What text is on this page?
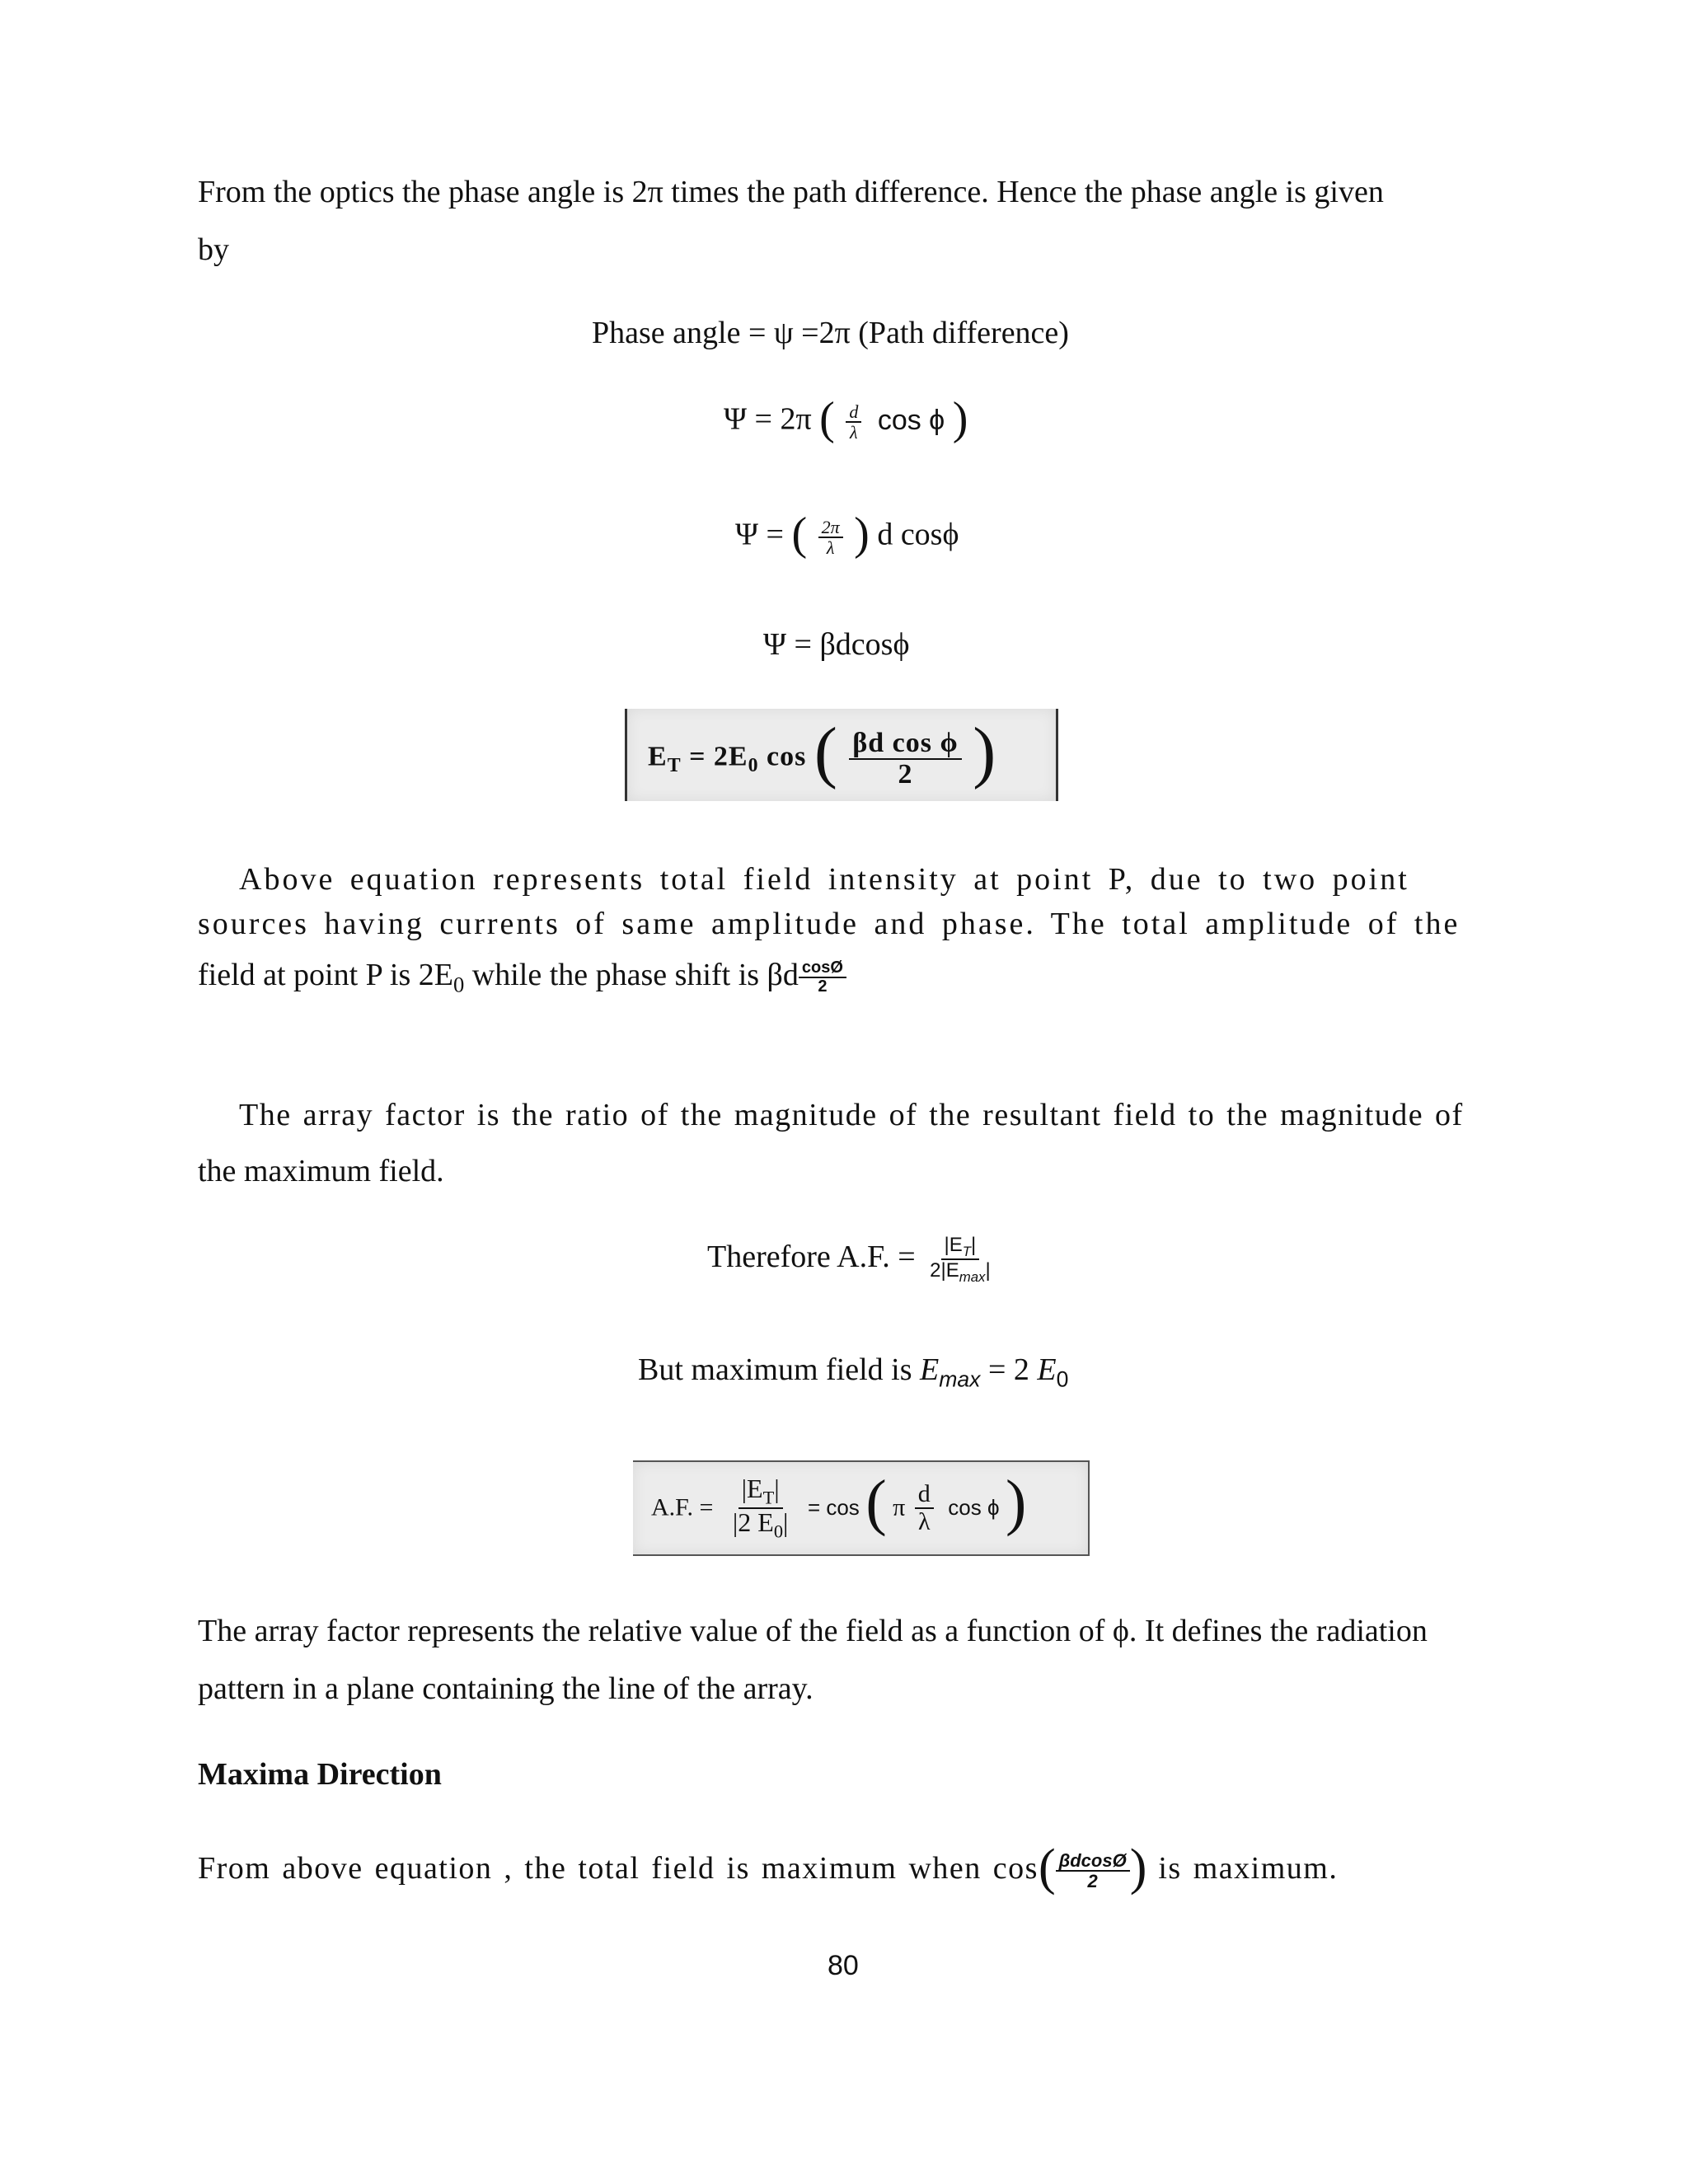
From the optics the phase angle is 2π times the path difference. Hence the phase angle is given
by
Phase angle = ψ =2π (Path difference)
Ψ = 2π ( $\frac{d}{\lambda}$ cos ϕ )
Ψ = ( $\frac{2\pi}{\lambda}$ ) d cosϕ
Ψ = βdcosϕ
$E_T = 2E_0$ cos ( $\frac{\text{βd cos ϕ}}{2}$ )
Above equation represents total field intensity at point P, due to two point
sources having currents of same amplitude and phase. The total amplitude of the
field at point P is $2E_0$ while the phase shift is βd $\frac{\cos Ø}{2}$
The array factor is the ratio of the magnitude of the resultant field to the magnitude of
the maximum field.
Therefore A.F. = $\frac{|E_T|}{2|E_{max}|}$
But maximum field is $E_{max} = 2$ $E_0$
A.F. = $\frac{|E_T|}{|2 E_0|} = \cos$ ( π $\frac{d}{\lambda}$ cos ϕ )
The array factor represents the relative value of the field as a function of ϕ. It defines the radiation
pattern in a plane containing the line of the array.
Maxima Direction
From above equation , the total field is maximum when $\cos( \frac{\beta dcosØ}{2}$ ) is maximum.
80
